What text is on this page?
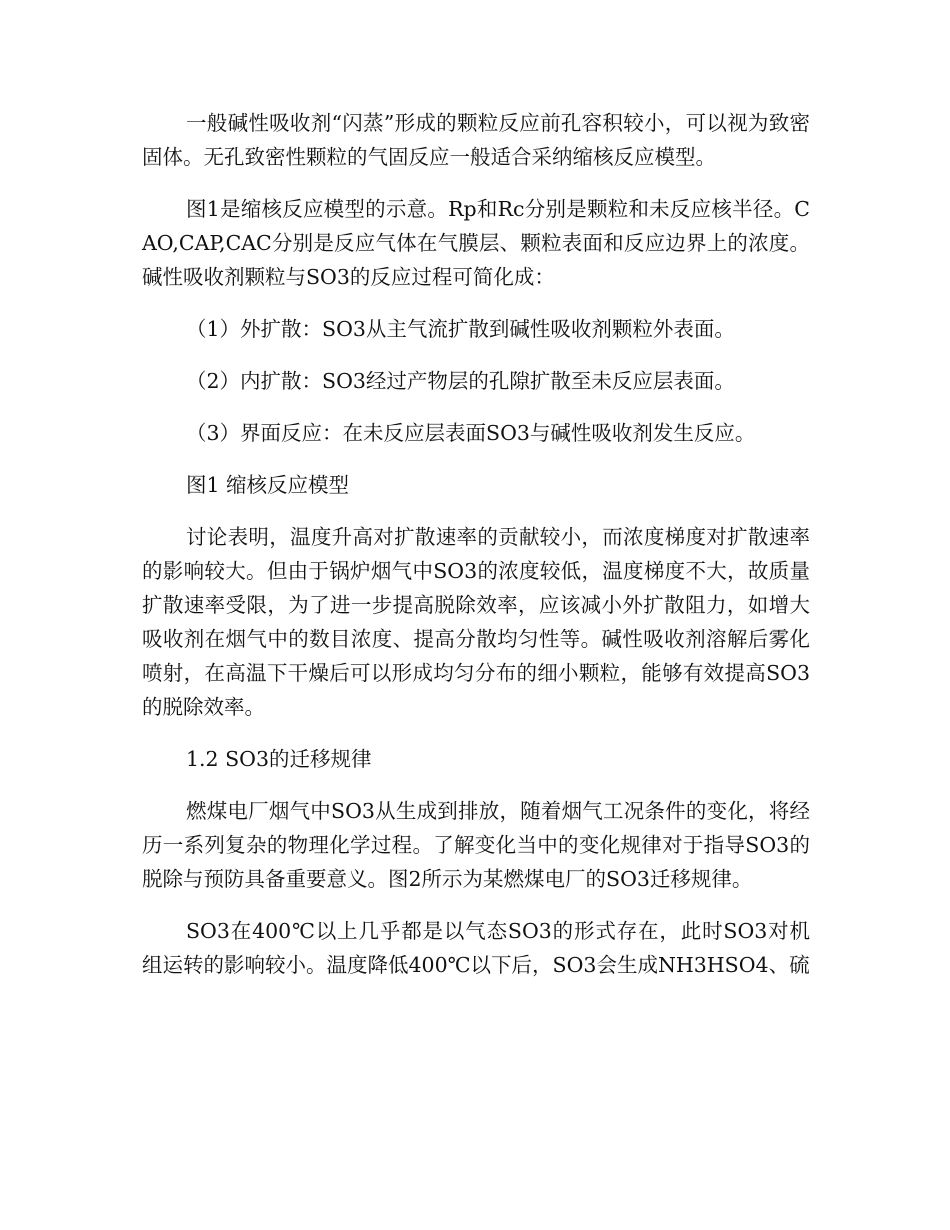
一般碱性吸收剂“闪蒸”形成的颗粒反应前孔容积较小，可以视为致密固体。无孔致密性颗粒的气固反应一般适合采纳缩核反应模型。

图1是缩核反应模型的示意。Rp和Rc分别是颗粒和未反应核半径。CAO,CAP,CAC分别是反应气体在气膜层、颗粒表面和反应边界上的浓度。碱性吸收剂颗粒与SO3的反应过程可简化成：

（1）外扩散：SO3从主气流扩散到碱性吸收剂颗粒外表面。

（2）内扩散：SO3经过产物层的孔隙扩散至未反应层表面。

（3）界面反应：在未反应层表面SO3与碱性吸收剂发生反应。

图1 缩核反应模型

讨论表明，温度升高对扩散速率的贡献较小，而浓度梯度对扩散速率的影响较大。但由于锅炉烟气中SO3的浓度较低，温度梯度不大，故质量扩散速率受限，为了进一步提高脱除效率，应该减小外扩散阻力，如增大吸收剂在烟气中的数目浓度、提高分散均匀性等。碱性吸收剂溶解后雾化喷射，在高温下干燥后可以形成均匀分布的细小颗粒，能够有效提高SO3的脱除效率。

1.2 SO3的迁移规律

燃煤电厂烟气中SO3从生成到排放，随着烟气工况条件的变化，将经历一系列复杂的物理化学过程。了解变化当中的变化规律对于指导SO3的脱除与预防具备重要意义。图2所示为某燃煤电厂的SO3迁移规律。

SO3在400℃以上几乎都是以气态SO3的形式存在，此时SO3对机组运转的影响较小。温度降低400℃以下后，SO3会生成NH3HSO4、硫
